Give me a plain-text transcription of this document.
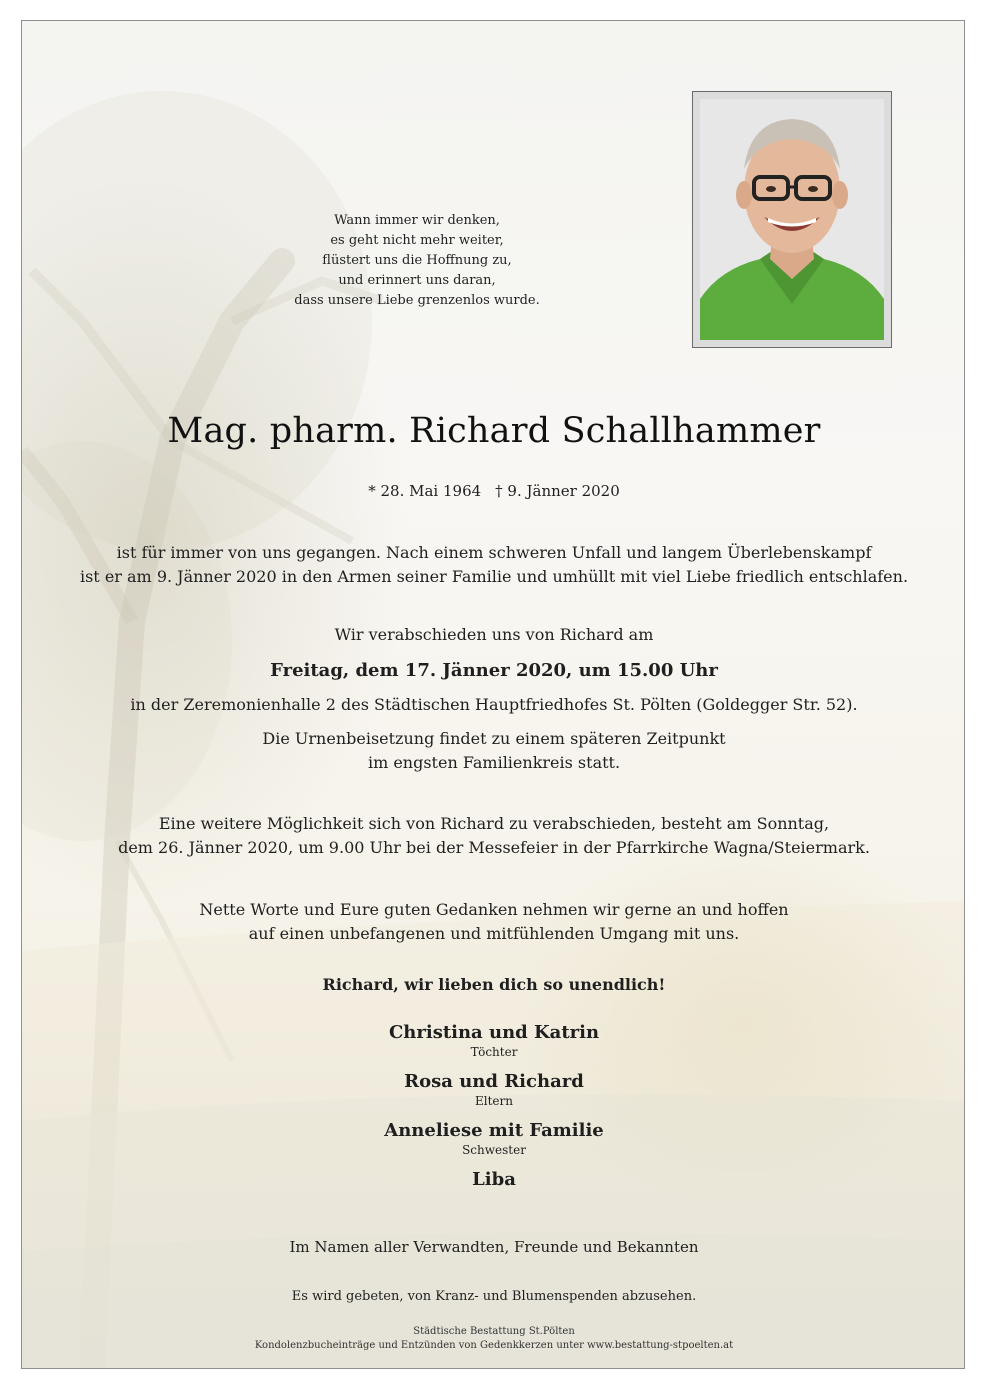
Wann immer wir denken,
es geht nicht mehr weiter,
flüstert uns die Hoffnung zu,
und erinnert uns daran,
dass unsere Liebe grenzenlos wurde.
Mag. pharm. Richard Schallhammer
* 28. Mai 1964 † 9. Jänner 2020
ist für immer von uns gegangen. Nach einem schweren Unfall und langem Überlebenskampf
ist er am 9. Jänner 2020 in den Armen seiner Familie und umhüllt mit viel Liebe friedlich entschlafen.
Wir verabschieden uns von Richard am
Freitag, dem 17. Jänner 2020, um 15.00 Uhr
in der Zeremonienhalle 2 des Städtischen Hauptfriedhofes St. Pölten (Goldegger Str. 52).
Die Urnenbeisetzung findet zu einem späteren Zeitpunkt
im engsten Familienkreis statt.
Eine weitere Möglichkeit sich von Richard zu verabschieden, besteht am Sonntag,
dem 26. Jänner 2020, um 9.00 Uhr bei der Messefeier in der Pfarrkirche Wagna/Steiermark.
Nette Worte und Eure guten Gedanken nehmen wir gerne an und hoffen
auf einen unbefangenen und mitfühlenden Umgang mit uns.
Richard, wir lieben dich so unendlich!
Christina und Katrin
Töchter
Rosa und Richard
Eltern
Anneliese mit Familie
Schwester
Liba
Im Namen aller Verwandten, Freunde und Bekannten
Es wird gebeten, von Kranz- und Blumenspenden abzusehen.
Städtische Bestattung St.Pölten
Kondolenzbucheinträge und Entzünden von Gedenkkerzen unter www.bestattung-stpoelten.at
